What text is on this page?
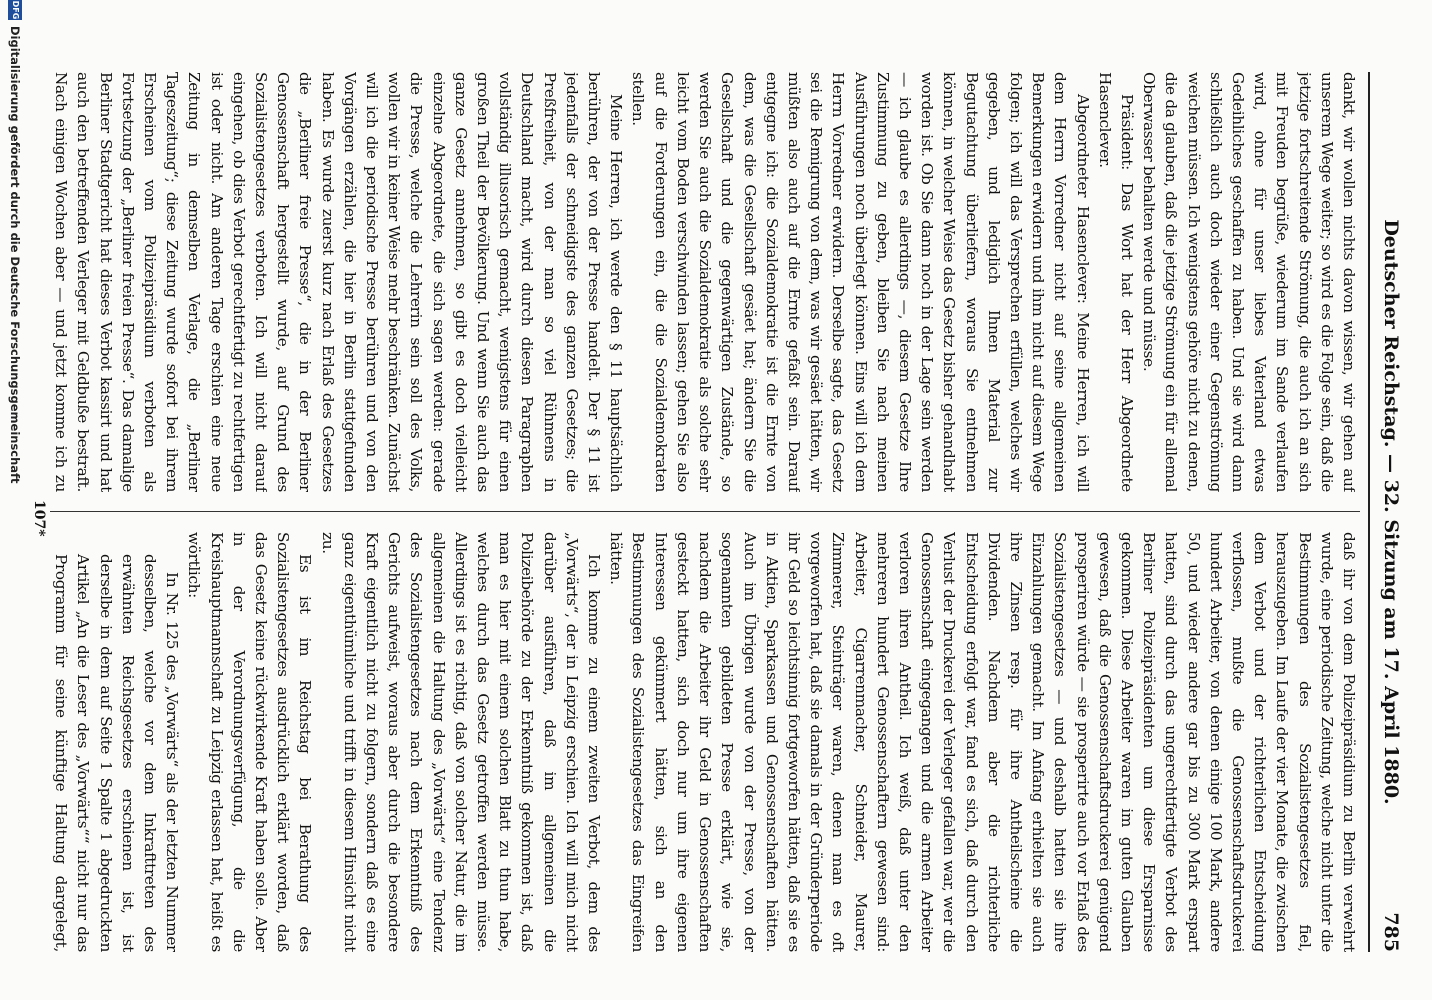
Deutscher Reichstag. — 32. Sitzung am 17. April 1880.
785

dankt, wir wollen nichts davon wissen, wir gehen auf unserem Wege weiter; so wird es die Folge sein, daß die jetzige fortschreitende Strömung, die auch ich an sich mit Freuden begrüße, wiederum im Sande verlaufen wird, ohne für unser liebes Vaterland etwas Gedeihliches geschaffen zu haben. Und sie wird dann schließlich auch doch wieder einer Gegenströmung weichen müssen. Ich wenigstens gehöre nicht zu denen, die da glauben, daß die jetzige Strömung ein für allemal Oberwasser behalten werde und müsse.

Präsident: Das Wort hat der Herr Abgeordnete Hasenclever.

Abgeordneter Hasenclever: Meine Herren, ich will dem Herrn Vorredner nicht auf seine allgemeinen Bemerkungen erwidern und ihm nicht auf diesem Wege folgen; ich will das Versprechen erfüllen, welches wir gegeben, und lediglich Ihnen Material zur Begutachtung überliefern, woraus Sie entnehmen können, in welcher Weise das Gesetz bisher gehandhabt worden ist. Ob Sie dann noch in der Lage sein werden — ich glaube es allerdings —, diesem Gesetze Ihre Zustimmung zu geben, bleiben Sie nach meinen Ausführungen noch überlegt können. Eins will ich dem Herrn Vorredner erwidern. Derselbe sagte, das Gesetz sei die Remigrung von dem, was wir gesäet hätten, wir müßten also auch auf die Ernte gefaßt sein. Darauf entgegne ich: die Sozialdemokratie ist die Ernte von dem, was die Gesellschaft gesäet hat; ändern Sie die Gesellschaft und die gegenwärtigen Zustände, so werden Sie auch die Sozialdemokratie als solche sehr leicht vom Boden verschwinden lassen; gehen Sie also auf die Forderungen ein, die die Sozialdemokraten stellen.

Meine Herren, ich werde den § 11 hauptsächlich berühren, der von der Presse handelt. Der § 11 ist jedenfalls der schneidigste des ganzen Gesetzes; die Preßfreiheit, von der man so viel Rühmens in Deutschland macht, wird durch diesen Paragraphen vollständig illusorisch gemacht, wenigstens für einen großen Theil der Bevölkerung. Und wenn Sie auch das ganze Gesetz annehmen, so gibt es doch vielleicht einzelne Abgeordnete, die sich sagen werden: gerade die Presse, welche die Lehrerin sein soll des Volks, wollen wir in keiner Weise mehr beschränken. Zunächst will ich die periodische Presse berühren und von den Vorgängen erzählen, die hier in Berlin stattgefunden haben. Es wurde zuerst kurz nach Erlaß des Gesetzes die „Berliner freie Presse“, die in der Berliner Genossenschaft hergestellt wurde, auf Grund des Sozialistengesetzes verboten. Ich will nicht darauf eingehen, ob dies Verbot gerechtfertigt zu rechtfertigen ist oder nicht. Am anderen Tage erschien eine neue Zeitung in demselben Verlage, die „Berliner Tageszeitung“; diese Zeitung wurde sofort bei ihrem Erscheinen vom Polizeipräsidium verboten als Fortsetzung der „Berliner freien Presse“. Das damalige Berliner Stadtgericht hat dieses Verbot kassirt und hat auch den betreffenden Verleger mit Geldbuße bestraft. Nach einigen Wochen aber — und jetzt komme ich zu

daß ihr von dem Polizeipräsidium zu Berlin verwehrt wurde, eine periodische Zeitung, welche nicht unter die Bestimmungen des Sozialistengesetzes fiel, herauszugeben. Im Laufe der vier Monate, die zwischen dem Verbot und der richterlichen Entscheidung verflossen, mußte die Genossenschaftsdruckerei hundert Arbeiter, von denen einige 100 Mark, andere 50, und wieder andere gar bis zu 300 Mark erspart hatten, sind durch das ungerechtfertigte Verbot des Berliner Polizeipräsidenten um diese Ersparnisse gekommen. Diese Arbeiter waren im guten Glauben gewesen, daß die Genossenschaftsdruckerei genügend prosperiren würde — sie prosperirte auch vor Erlaß des Sozialistengesetzes — und deshalb hatten sie ihre Einzahlungen gemacht. Im Anfang erhielten sie auch ihre Zinsen resp. für ihre Antheilscheine die Dividenden. Nachdem aber die richterliche Entscheidung erfolgt war, fand es sich, daß durch den Verlust der Druckerei der Verleger gefallen war, wer die Genossenschaft eingegangen und die armen Arbeiter verloren ihren Antheil. Ich weiß, daß unter den mehreren hundert Genossenschaftern gewesen sind: Arbeiter, Cigarrenmacher, Schneider, Maurer, Zimmerer, Steinträger waren, denen man es oft vorgeworfen hat, daß sie damals in der Gründerperiode ihr Geld so leichtsinnig fortgeworfen hätten, daß sie es in Aktien, Sparkassen und Genossenschaften hätten. Auch im Übrigen wurde von der Presse, von der sogenannten gebildeten Presse erklärt, wie sie, nachdem die Arbeiter ihr Geld in Genossenschaften gesteckt hatten, sich doch nur um ihre eigenen Interessen gekümmert hätten, sich an den Bestimmungen des Sozialistengesetzes das Eingreifen hätten.

Ich komme zu einem zweiten Verbot, dem des „Vorwärts“, der in Leipzig erschien. Ich will mich nicht darüber ausführen, daß im allgemeinen die Polizeibehörde zu der Erkenntniß gekommen ist, daß man es hier mit einem solchen Blatt zu thun habe, welches durch das Gesetz getroffen werden müsse. Allerdings ist es richtig, daß von solcher Natur, die im allgemeinen die Haltung des „Vorwärts“ eine Tendenz des Sozialistengesetzes nach dem Erkenntniß des Gerichts aufweist, woraus aber durch die besondere Kraft eigentlich nicht zu folgern, sondern daß es eine ganz eigenthümliche und trifft in diesem Hinsicht nicht zu.

Es ist im Reichstag bei Berathung des Sozialistengesetzes ausdrücklich erklärt worden, daß das Gesetz keine rückwirkende Kraft haben solle. Aber in der Verordnungsverfügung, die die Kreishauptmannschaft zu Leipzig erlassen hat, heißt es wörtlich:

In Nr. 125 des „Vorwärts“ als der letzten Nummer desselben, welche vor dem Inkrafttreten des erwähnten Reichsgesetzes erschienen ist, ist derselbe in dem auf Seite 1 Spalte 1 abgedruckten Artikel „An die Leser des „Vorwärts““ nicht nur das Programm für seine künftige Haltung dargelegt,

107*
DFG
Digitalisierung gefördert durch die Deutsche Forschungsgemeinschaft
